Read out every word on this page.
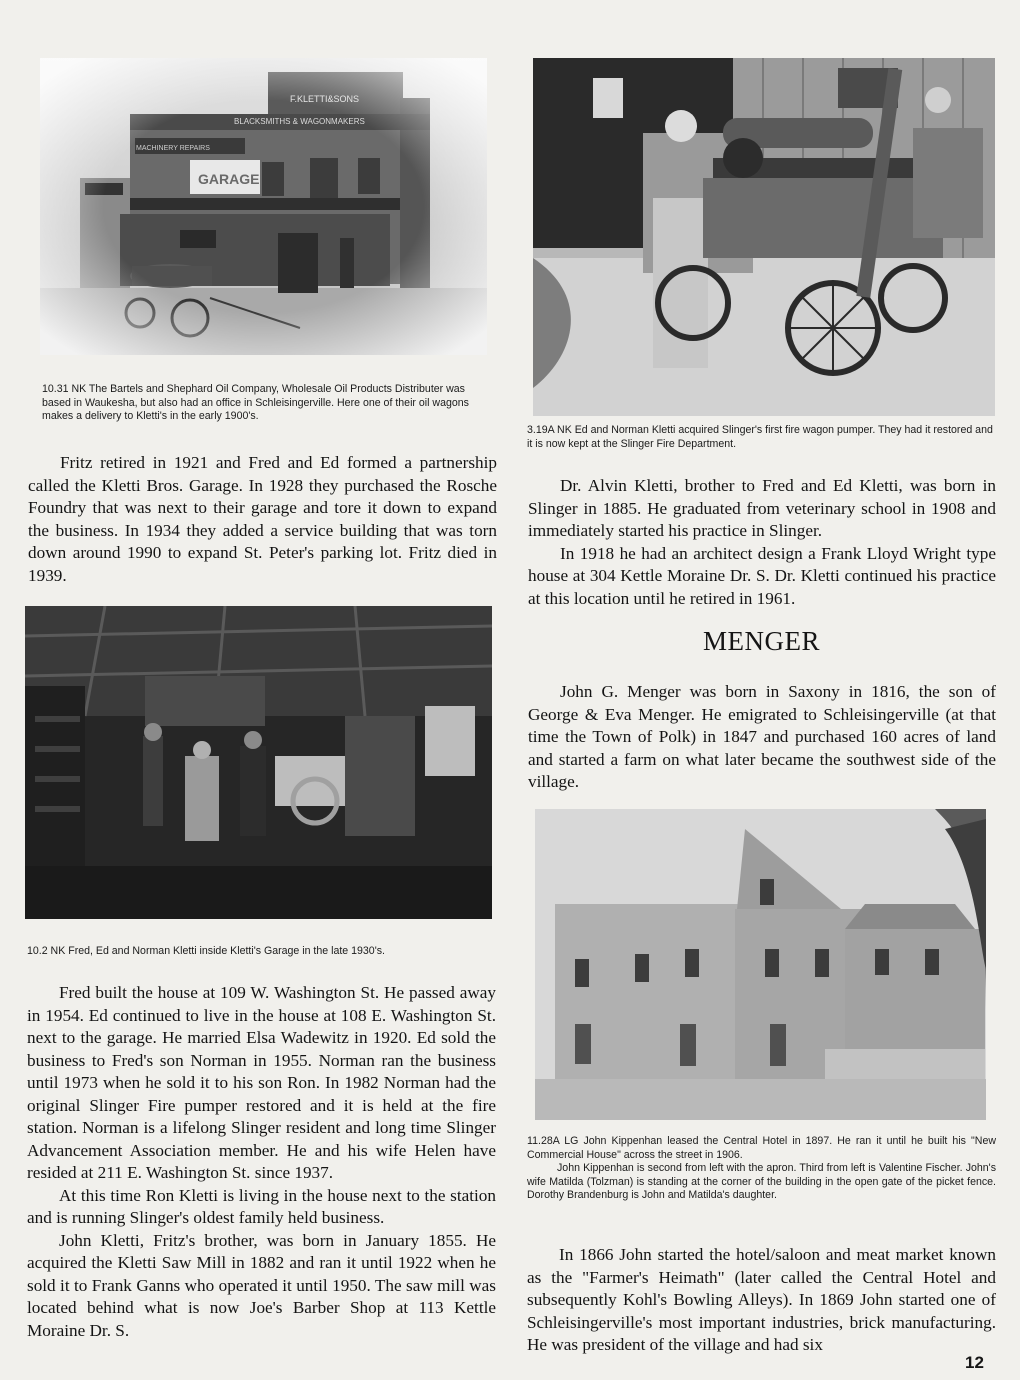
F.KLETTI&SONS
BLACKSMITHS & WAGONMAKERS
MACHINERY REPAIRS
GARAGE

10.31 NK The Bartels and Shephard Oil Company, Wholesale Oil Products Distributer was based in Waukesha, but also had an office in Schleisingerville. Here one of their oil wagons makes a delivery to Kletti's in the early 1900's.

Fritz retired in 1921 and Fred and Ed formed a partnership called the Kletti Bros. Garage. In 1928 they purchased the Rosche Foundry that was next to their garage and tore it down to expand the business. In 1934 they added a service building that was torn down around 1990 to expand St. Peter's parking lot. Fritz died in 1939.

3.19A NK Ed and Norman Kletti acquired Slinger's first fire wagon pumper. They had it restored and it is now kept at the Slinger Fire Department.

Dr. Alvin Kletti, brother to Fred and Ed Kletti, was born in Slinger in 1885. He graduated from veterinary school in 1908 and immediately started his practice in Slinger.

In 1918 he had an architect design a Frank Lloyd Wright type house at 304 Kettle Moraine Dr. S. Dr. Kletti continued his practice at this location until he retired in 1961.

MENGER

John G. Menger was born in Saxony in 1816, the son of George & Eva Menger. He emigrated to Schleisingerville (at that time the Town of Polk) in 1847 and purchased 160 acres of land and started a farm on what later became the southwest side of the village.

10.2 NK Fred, Ed and Norman Kletti inside Kletti's Garage in the late 1930's.

Fred built the house at 109 W. Washington St. He passed away in 1954. Ed continued to live in the house at 108 E. Washington St. next to the garage. He married Elsa Wadewitz in 1920. Ed sold the business to Fred's son Norman in 1955. Norman ran the business until 1973 when he sold it to his son Ron. In 1982 Norman had the original Slinger Fire pumper restored and it is held at the fire station. Norman is a lifelong Slinger resident and long time Slinger Advancement Association member. He and his wife Helen have resided at 211 E. Washington St. since 1937.

At this time Ron Kletti is living in the house next to the station and is running Slinger's oldest family held business.

John Kletti, Fritz's brother, was born in January 1855. He acquired the Kletti Saw Mill in 1882 and ran it until 1922 when he sold it to Frank Ganns who operated it until 1950. The saw mill was located behind what is now Joe's Barber Shop at 113 Kettle Moraine Dr. S.

11.28A LG John Kippenhan leased the Central Hotel in 1897. He ran it until he built his "New Commercial House" across the street in 1906.

John Kippenhan is second from left with the apron. Third from left is Valentine Fischer. John's wife Matilda (Tolzman) is standing at the corner of the building in the open gate of the picket fence. Dorothy Brandenburg is John and Matilda's daughter.

In 1866 John started the hotel/saloon and meat market known as the "Farmer's Heimath" (later called the Central Hotel and subsequently Kohl's Bowling Alleys). In 1869 John started one of Schleisingerville's most important industries, brick manufacturing. He was president of the village and had six

12
